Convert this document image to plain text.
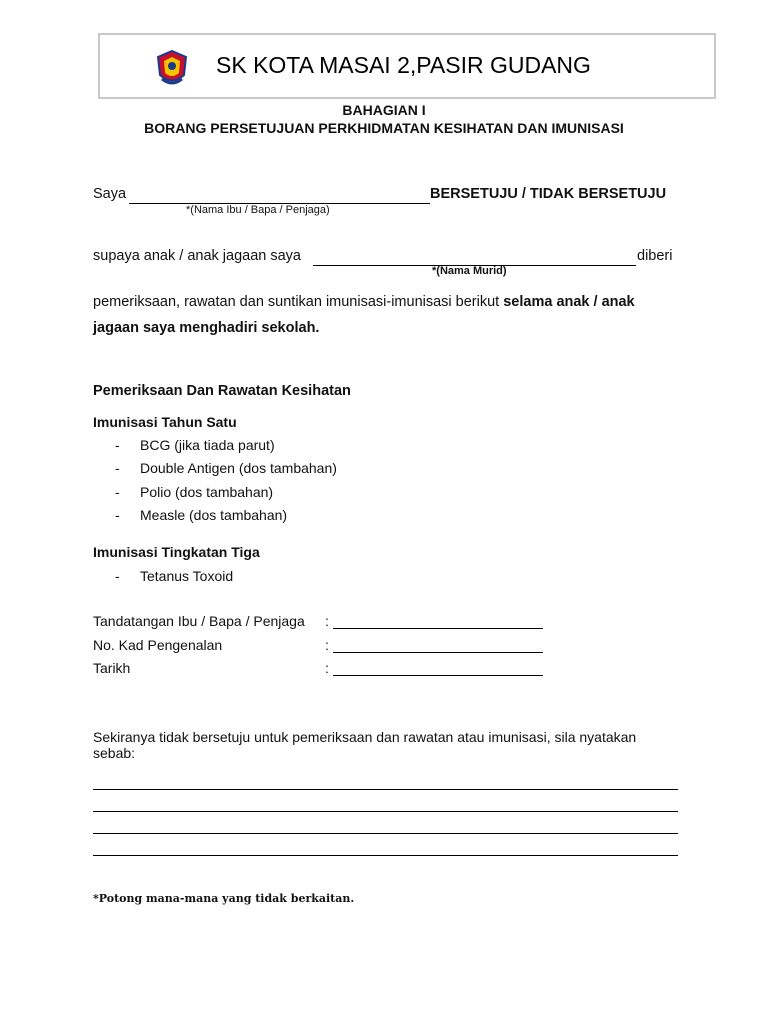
SK KOTA MASAI 2,PASIR GUDANG
BAHAGIAN I
BORANG PERSETUJUAN PERKHIDMATAN KESIHATAN DAN IMUNISASI
Saya	BERSETUJU / TIDAK BERSETUJU
*(Nama Ibu / Bapa / Penjaga)
supaya anak / anak jagaan saya	diberi
*(Nama Murid)
pemeriksaan, rawatan dan suntikan imunisasi-imunisasi berikut selama anak / anak
jagaan saya menghadiri sekolah.
Pemeriksaan Dan Rawatan Kesihatan
Imunisasi Tahun Satu
- BCG (jika tiada parut)
- Double Antigen (dos tambahan)
- Polio (dos tambahan)
- Measle (dos tambahan)
Imunisasi Tingkatan Tiga
- Tetanus Toxoid
Tandatangan Ibu / Bapa / Penjaga :
No. Kad Pengenalan	:
Tarikh	:
Sekiranya tidak bersetuju untuk pemeriksaan dan rawatan atau imunisasi, sila nyatakan
sebab:
*Potong mana-mana yang tidak berkaitan.
